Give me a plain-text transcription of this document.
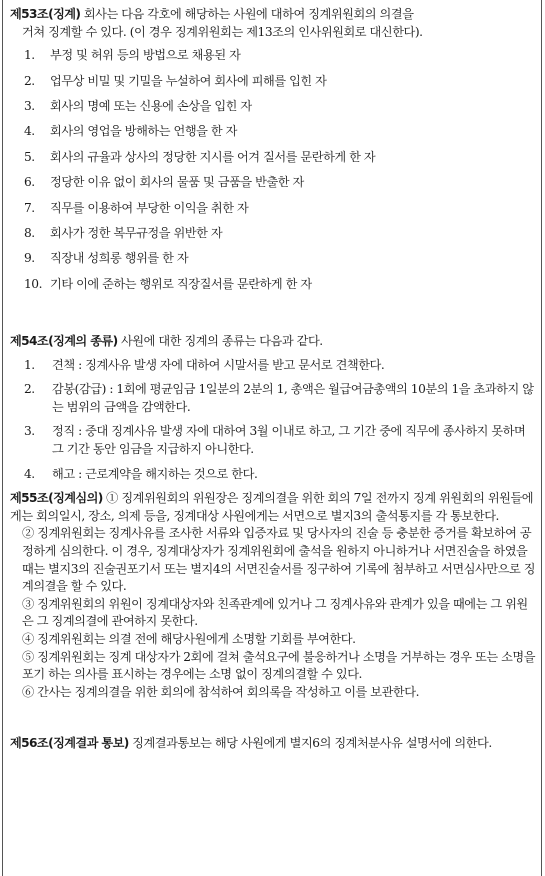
제53조(징계) 회사는 다음 각호에 해당하는 사원에 대하여 징계위원회의 의결을
거쳐 징계할 수 있다. (이 경우 징계위원회는 제13조의 인사위원회로 대신한다).
1.	부정 및 허위 등의 방법으로 채용된 자
2.	업무상 비밀 및 기밀을 누설하여 회사에 피해를 입힌 자
3.	회사의 명예 또는 신용에 손상을 입힌 자
4.	회사의 영업을 방해하는 언행을 한 자
5.	회사의 규율과 상사의 정당한 지시를 어겨 질서를 문란하게 한 자
6.	정당한 이유 없이 회사의 물품 및 금품을 반출한 자
7.	직무를 이용하여 부당한 이익을 취한 자
8.	회사가 정한 복무규정을 위반한 자
9.	직장내 성희롱 행위를 한 자
10. 기타 이에 준하는 행위로 직장질서를 문란하게 한 자
제54조(징계의 종류) 사원에 대한 징계의 종류는 다음과 같다.
1.	견책 : 징계사유 발생 자에 대하여 시말서를 받고 문서로 견책한다.
2.	감봉(감급) : 1회에 평균임금 1일분의 2분의 1, 총액은 월급여금총액의 10분의 1을 초과하지 않는 범위의 금액을 감액한다.
3.	정직 : 중대 징계사유 발생 자에 대하여 3월 이내로 하고, 그 기간 중에 직무에 종사하지 못하며 그 기간 동안 임금을 지급하지 아니한다.
4.	해고 : 근로계약을 해지하는 것으로 한다.
제55조(징계심의) ① 징계위원회의 위원장은 징계의결을 위한 회의 7일 전까지 징계 위원회의 위원들에게는 회의일시, 장소, 의제 등을, 징계대상 사원에게는 서면으로 별지3의 출석통지를 각 통보한다.
② 징계위원회는 징계사유를 조사한 서류와 입증자료 및 당사자의 진술 등 충분한 증거를 확보하여 공정하게 심의한다. 이 경우, 징계대상자가 징계위원회에 출석을 원하지 아니하거나 서면진술을 하였을 때는 별지3의 진술권포기서 또는 별지4의 서면진술서를 징구하여 기록에 첨부하고 서면심사만으로 징계의결을 할 수 있다.
③ 징계위원회의 위원이 징계대상자와 친족관계에 있거나 그 징계사유와 관계가 있을 때에는 그 위원은 그 징계의결에 관여하지 못한다.
④ 징계위원회는 의결 전에 해당사원에게 소명할 기회를 부여한다.
⑤ 징계위원회는 징계 대상자가 2회에 걸쳐 출석요구에 불응하거나 소명을 거부하는 경우 또는 소명을 포기 하는 의사를 표시하는 경우에는 소명 없이 징계의결할 수 있다.
⑥ 간사는 징계의결을 위한 회의에 참석하여 회의록을 작성하고 이를 보관한다.
제56조(징계결과 통보) 징계결과통보는 해당 사원에게 별지6의 징계처분사유 설명서에 의한다.
